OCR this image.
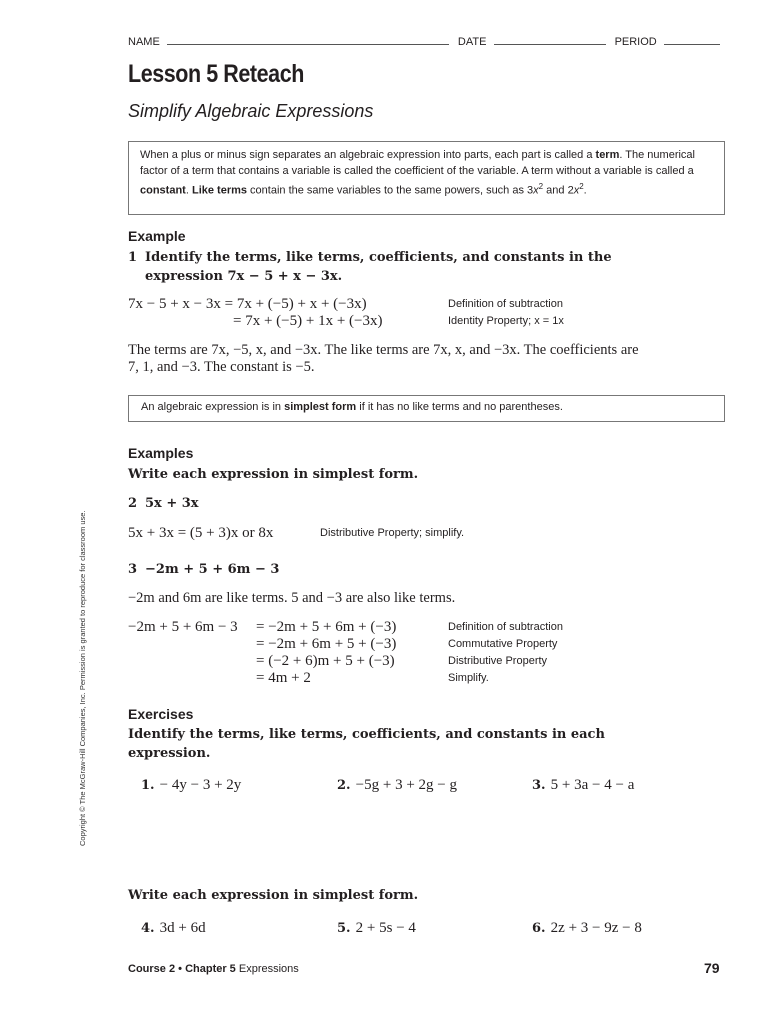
NAME	DATE	PERIOD
Lesson 5 Reteach
Simplify Algebraic Expressions
When a plus or minus sign separates an algebraic expression into parts, each part is called a term. The numerical factor of a term that contains a variable is called the coefficient of the variable. A term without a variable is called a constant. Like terms contain the same variables to the same powers, such as $3x^2$ and $2x^2$.
Example
1 Identify the terms, like terms, coefficients, and constants in the
expression 7x − 5 + x − 3x.
7x − 5 + x − 3x = 7x + (−5) + x + (−3x)	Definition of subtraction
= 7x + (−5) + 1x + (−3x)	Identity Property; x = 1x
The terms are 7x, −5, x, and −3x. The like terms are 7x, x, and −3x. The coefficients are
7, 1, and −3. The constant is −5.
An algebraic expression is in simplest form if it has no like terms and no parentheses.
Examples
Write each expression in simplest form.
2 5x + 3x
5x + 3x = (5 + 3)x or 8x	Distributive Property; simplify.
3 −2m + 5 + 6m − 3
−2m and 6m are like terms. 5 and −3 are also like terms.
−2m + 5 + 6m − 3 = −2m + 5 + 6m + (−3)	Definition of subtraction
= −2m + 6m + 5 + (−3)	Commutative Property
= (−2 + 6)m + 5 + (−3)	Distributive Property
= 4m + 2	Simplify.
Exercises
Identify the terms, like terms, coefficients, and constants in each
expression.
1. − 4y − 3 + 2y	2. −5g + 3 + 2g − g	3. 5 + 3a − 4 − a
Write each expression in simplest form.
4. 3d + 6d	5. 2 + 5s − 4	6. 2z + 3 − 9z − 8
Course 2 • Chapter 5 Expressions	79
Copyright © The McGraw-Hill Companies, Inc. Permission is granted to reproduce for classroom use.
